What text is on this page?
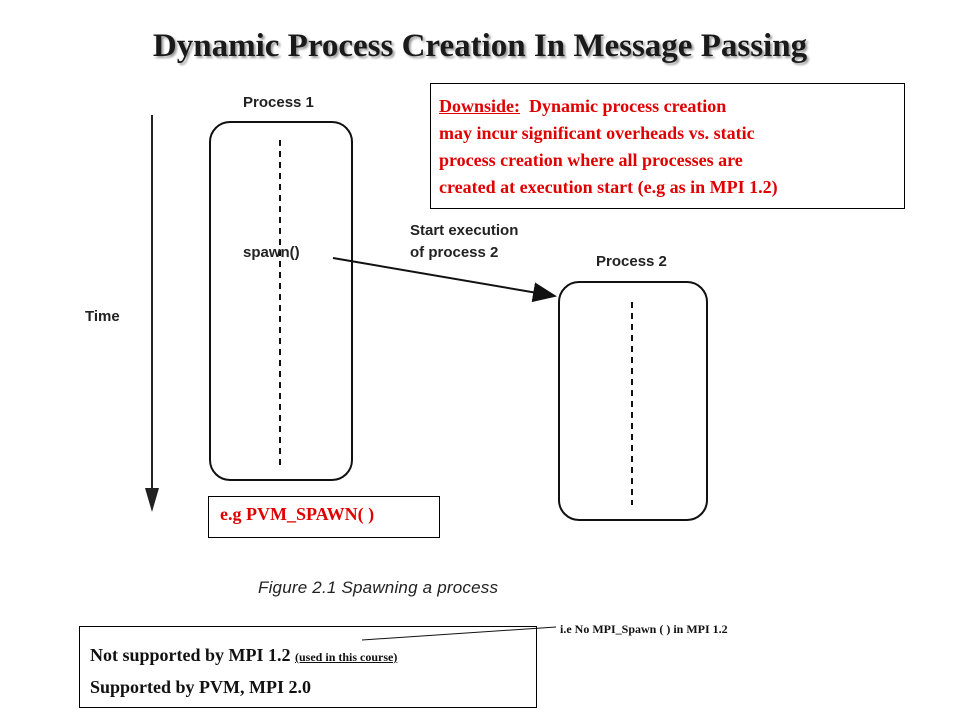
Dynamic Process Creation In Message Passing
Process 1
Process 2
Time
spawn()
Start execution
of process 2
Figure 2.1 Spawning a process
Downside:  Dynamic process creation
may incur significant overheads vs. static
process creation where all processes are
created at execution start (e.g as in MPI 1.2)
e.g PVM_SPAWN( )
Not supported by MPI 1.2 (used in this course)
Supported by PVM, MPI 2.0
i.e No MPI_Spawn ( ) in MPI 1.2
